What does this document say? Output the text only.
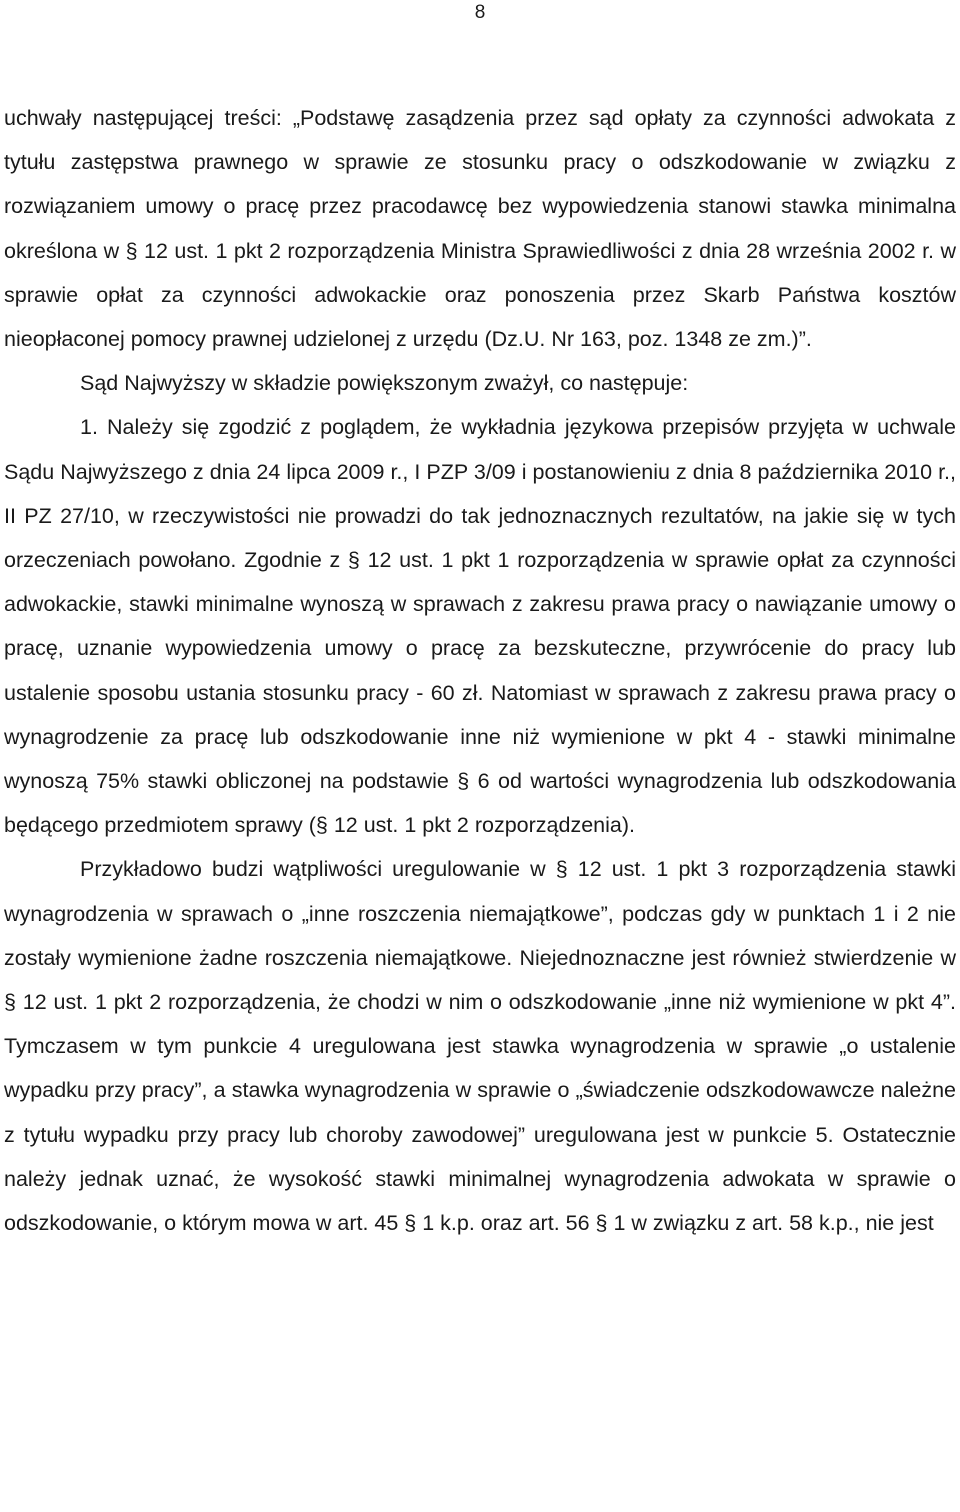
8

uchwały następującej treści: „Podstawę zasądzenia przez sąd opłaty za czynności adwokata z tytułu zastępstwa prawnego w sprawie ze stosunku pracy o odszkodowanie w związku z rozwiązaniem umowy o pracę przez pracodawcę bez wypowiedzenia stanowi stawka minimalna określona w § 12 ust. 1 pkt 2 rozporządzenia Ministra Sprawiedliwości z dnia 28 września 2002 r. w sprawie opłat za czynności adwokackie oraz ponoszenia przez Skarb Państwa kosztów nieopłaconej pomocy prawnej udzielonej z urzędu (Dz.U. Nr 163, poz. 1348 ze zm.)”.

Sąd Najwyższy w składzie powiększonym zważył, co następuje:

1. Należy się zgodzić z poglądem, że wykładnia językowa przepisów przyjęta w uchwale Sądu Najwyższego z dnia 24 lipca 2009 r., I PZP 3/09 i postanowieniu z dnia 8 października 2010 r., II PZ 27/10, w rzeczywistości nie prowadzi do tak jednoznacznych rezultatów, na jakie się w tych orzeczeniach powołano. Zgodnie z § 12 ust. 1 pkt 1 rozporządzenia w sprawie opłat za czynności adwokackie, stawki minimalne wynoszą w sprawach z zakresu prawa pracy o nawiązanie umowy o pracę, uznanie wypowiedzenia umowy o pracę za bezskuteczne, przywrócenie do pracy lub ustalenie sposobu ustania stosunku pracy - 60 zł. Natomiast w sprawach z zakresu prawa pracy o wynagrodzenie za pracę lub odszkodowanie inne niż wymienione w pkt 4 - stawki minimalne wynoszą 75% stawki obliczonej na podstawie § 6 od wartości wynagrodzenia lub odszkodowania będącego przedmiotem sprawy (§ 12 ust. 1 pkt 2 rozporządzenia).

Przykładowo budzi wątpliwości uregulowanie w § 12 ust. 1 pkt 3 rozporządzenia stawki wynagrodzenia w sprawach o „inne roszczenia niemajątkowe”, podczas gdy w punktach 1 i 2 nie zostały wymienione żadne roszczenia niemajątkowe. Niejednoznaczne jest również stwierdzenie w § 12 ust. 1 pkt 2 rozporządzenia, że chodzi w nim o odszkodowanie „inne niż wymienione w pkt 4”. Tymczasem w tym punkcie 4 uregulowana jest stawka wynagrodzenia w sprawie „o ustalenie wypadku przy pracy”, a stawka wynagrodzenia w sprawie o „świadczenie odszkodowawcze należne z tytułu wypadku przy pracy lub choroby zawodowej” uregulowana jest w punkcie 5. Ostatecznie należy jednak uznać, że wysokość stawki minimalnej wynagrodzenia adwokata w sprawie o odszkodowanie, o którym mowa w art. 45 § 1 k.p. oraz art. 56 § 1 w związku z art. 58 k.p., nie jest
